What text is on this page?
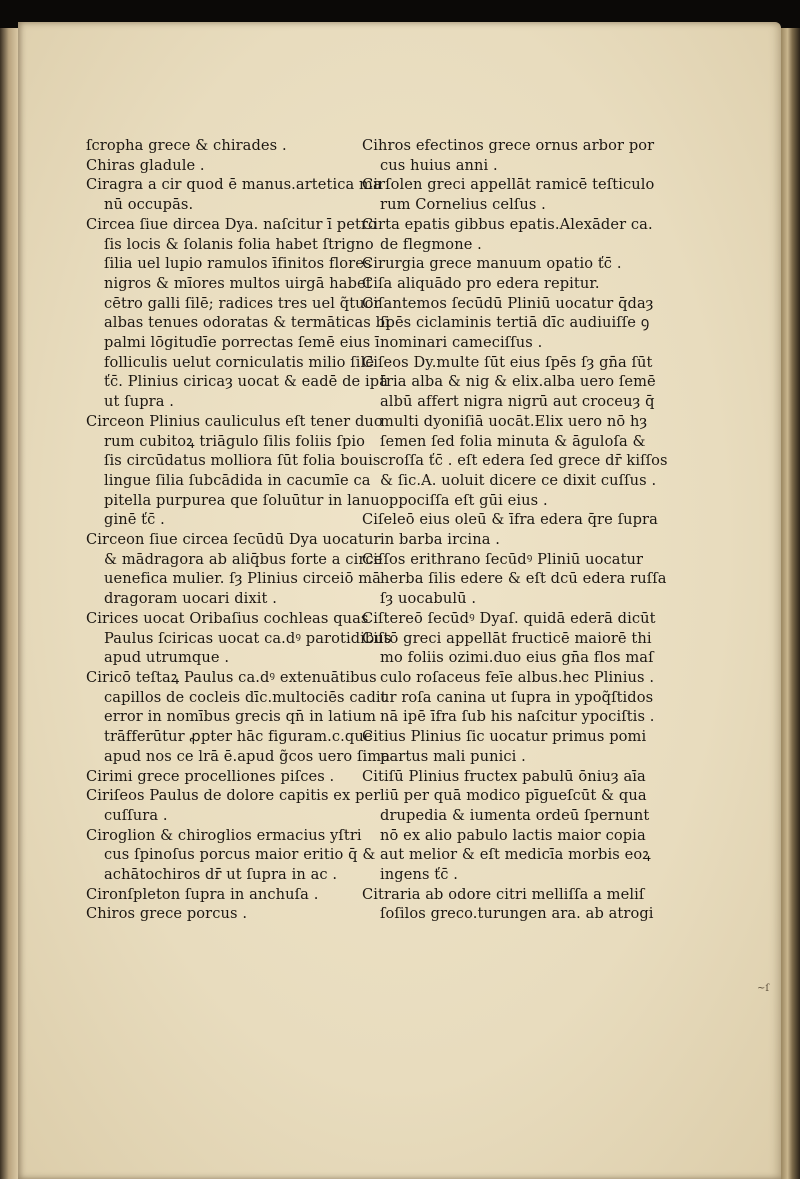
ſcropha grece & chirades .
Chiras gladule .
Ciragra a cir quod ē manus.artetica ma
nū occupās.
Circea ſiue dircea Dya. naſcitur ī petro
ſis locis & ſolanis folia habet ſtrigno
ſilia uel lupio ramulos īfinitos flores
nigros & mīores multos uirgā habet
cētro galli ſilē; radices tres uel q̃tuor
albas tenues odoratas & termāticas bi
palmi lōgitudīe porrectas ſemē eius ī
folliculis uelut corniculatis milio ſilē
ťc̄. Plinius ciricaȝ uocat & eadē de ipā
ut ſupra .
Circeon Plinius cauliculus eſt tener duo
rum cubitoꝝ triāgulo ſilis foliis ſpio
ſis circūdatus molliora ſūt folia bouis
lingue ſilia ſubcādida in cacumīe ca
pitella purpurea que ſoluūtur in lanu
ginē ťc̄ .
Circeon ſiue circea ſecūdū Dya uocatur
& mādragora ab aliq̄bus forte a circe
uenefica mulier. ſȝ Plinius circeiō mā
dragoram uocari dixit .
Cirices uocat Oribaſius cochleas quas
Paulus ſciricas uocat ca.dꝰ parotidibus
apud utrumque .
Ciricō teſtaꝝ Paulus ca.dꝰ extenuātibus
capillos de cocleis dīc.multociēs cadit
error in nomībus grecis qn̄ in latium
trāfferūtur ꝓpter hāc figuram.c.que
apud nos ce lrā ē.apud g̃cos uero ſima
Cirimi grece procelliones piſces .
Ciriſeos Paulus de dolore capitis ex per
cuſſura .
Ciroglion & chiroglios ermacius yſtri
cus ſpinoſus porcus maior eritio q̄ &
achātochiros dr̄ ut ſupra in ac .
Cironſpleton ſupra in anchuſa .
Chiros grece porcus .
Cihros efectinos grece ornus arbor por
cus huius anni .
Cirſolen greci appellāt ramicē teſticulo
rum Cornelius celſus .
Cirta epatis gibbus epatis.Alexāder ca.
de flegmone .
Cirurgia grece manuum opatio ťc̄ .
Ciſa aliquādo pro edera repitur.
Ciſantemos ſecūdū Pliniū uocatur q̄daȝ
ſpēs ciclaminis tertiā dīc audiuiſſe ꝯ
nominari cameciſſus .
Ciſeos Dy.multe ſūt eius ſpēs ſȝ gn̄a ſūt
tria alba & nig & elix.alba uero ſemē
albū affert nigra nigrū aut croceuȝ q̄
multi dyoniſiā uocāt.Elix uero nō hȝ
ſemen ſed folia minuta & āguloſa &
croſſa ťc̄ . eſt edera ſed grece dr̄ kiſſos
& ſic.A. uoluit dicere ce dixit cuſſus .
oppociſſa eſt gūi eius .
Ciſeleō eius oleū & īfra edera q̄re ſupra
in barba ircina .
Ciſſos erithrano ſecūdꝰ Pliniū uocatur
herba ſilis edere & eſt dcū edera ruſſa
ſȝ uocabulū .
Ciſtereō ſecūdꝰ Dyaſ. quidā ederā dicūt
Ciſtō greci appellāt fructicē maiorē thi
mo foliis ozimi.duo eius gn̄a flos maſ
culo roſaceus feīe albus.hec Plinius .
ur roſa canina ut ſupra in ypoq̃ſtidos
nā ipē īfra ſub his naſcitur ypociſtis .
Citius Plinius ſic uocatur primus pomi
partus mali punici .
Citiſū Plinius fructex pabulū ōniuȝ aīa
liū per quā modico pīgueſcūt & qua
drupedia & iumenta ordeū ſpernunt
nō ex alio pabulo lactis maior copia
aut melior & eſt medicīa morbis eoꝝ
ingens ťc̄ .
Citraria ab odore citri melliſſa a meliſ
ſoſilos greco.turungen ara. ab atrogi
~ſ
